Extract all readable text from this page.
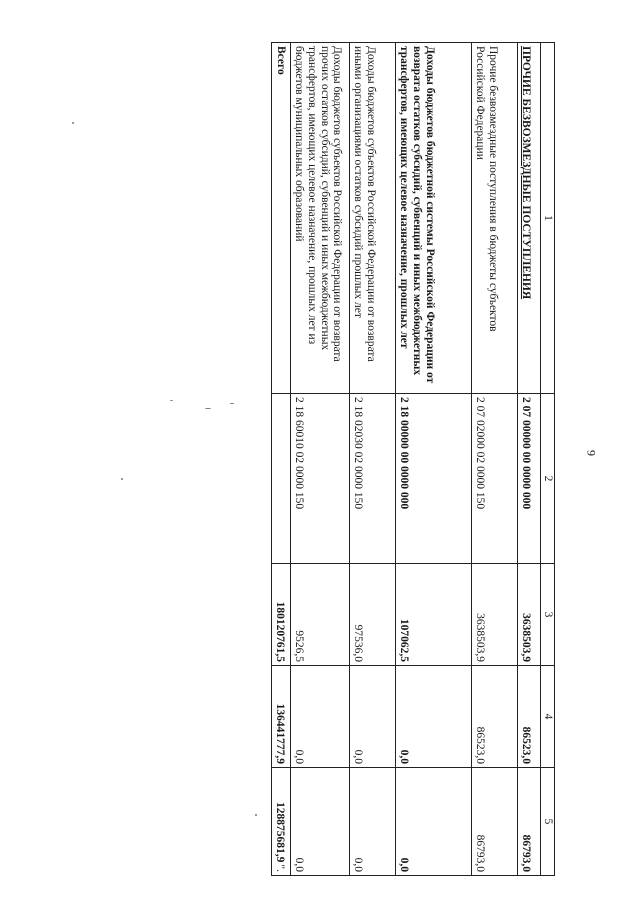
9
1	2	3	4	5
ПРОЧИЕ БЕЗВОЗМЕЗДНЫЕ ПОСТУПЛЕНИЯ	2 07 00000 00 0000 000	3638503,9	86523,0	86793,0
Прочие безвозмездные поступления в бюджеты субъектов Российской Федерации	2 07 02000 02 0000 150	3638503,9	86523,0	86793,0
Доходы бюджетов бюджетной системы Российской Федерации от возврата остатков субсидий, субвенций и иных межбюджетных трансфертов, имеющих целевое назначение, прошлых лет	2 18 00000 00 0000 000	107062,5	0,0	0,0
Доходы бюджетов субъектов Российской Федерации от возврата иными организациями остатков субсидий прошлых лет	2 18 02030 02 0000 150	97536,0	0,0	0,0
Доходы бюджетов субъектов Российской Федерации от возврата прочих остатков субсидий, субвенций и иных межбюджетных трансфертов, имеющих целевое назначение, прошлых лет из бюджетов муниципальных образований	2 18 60010 02 0000 150	9526,5	0,0	0,0
Всего		180120761,5	136441777,9	128875681,9".
